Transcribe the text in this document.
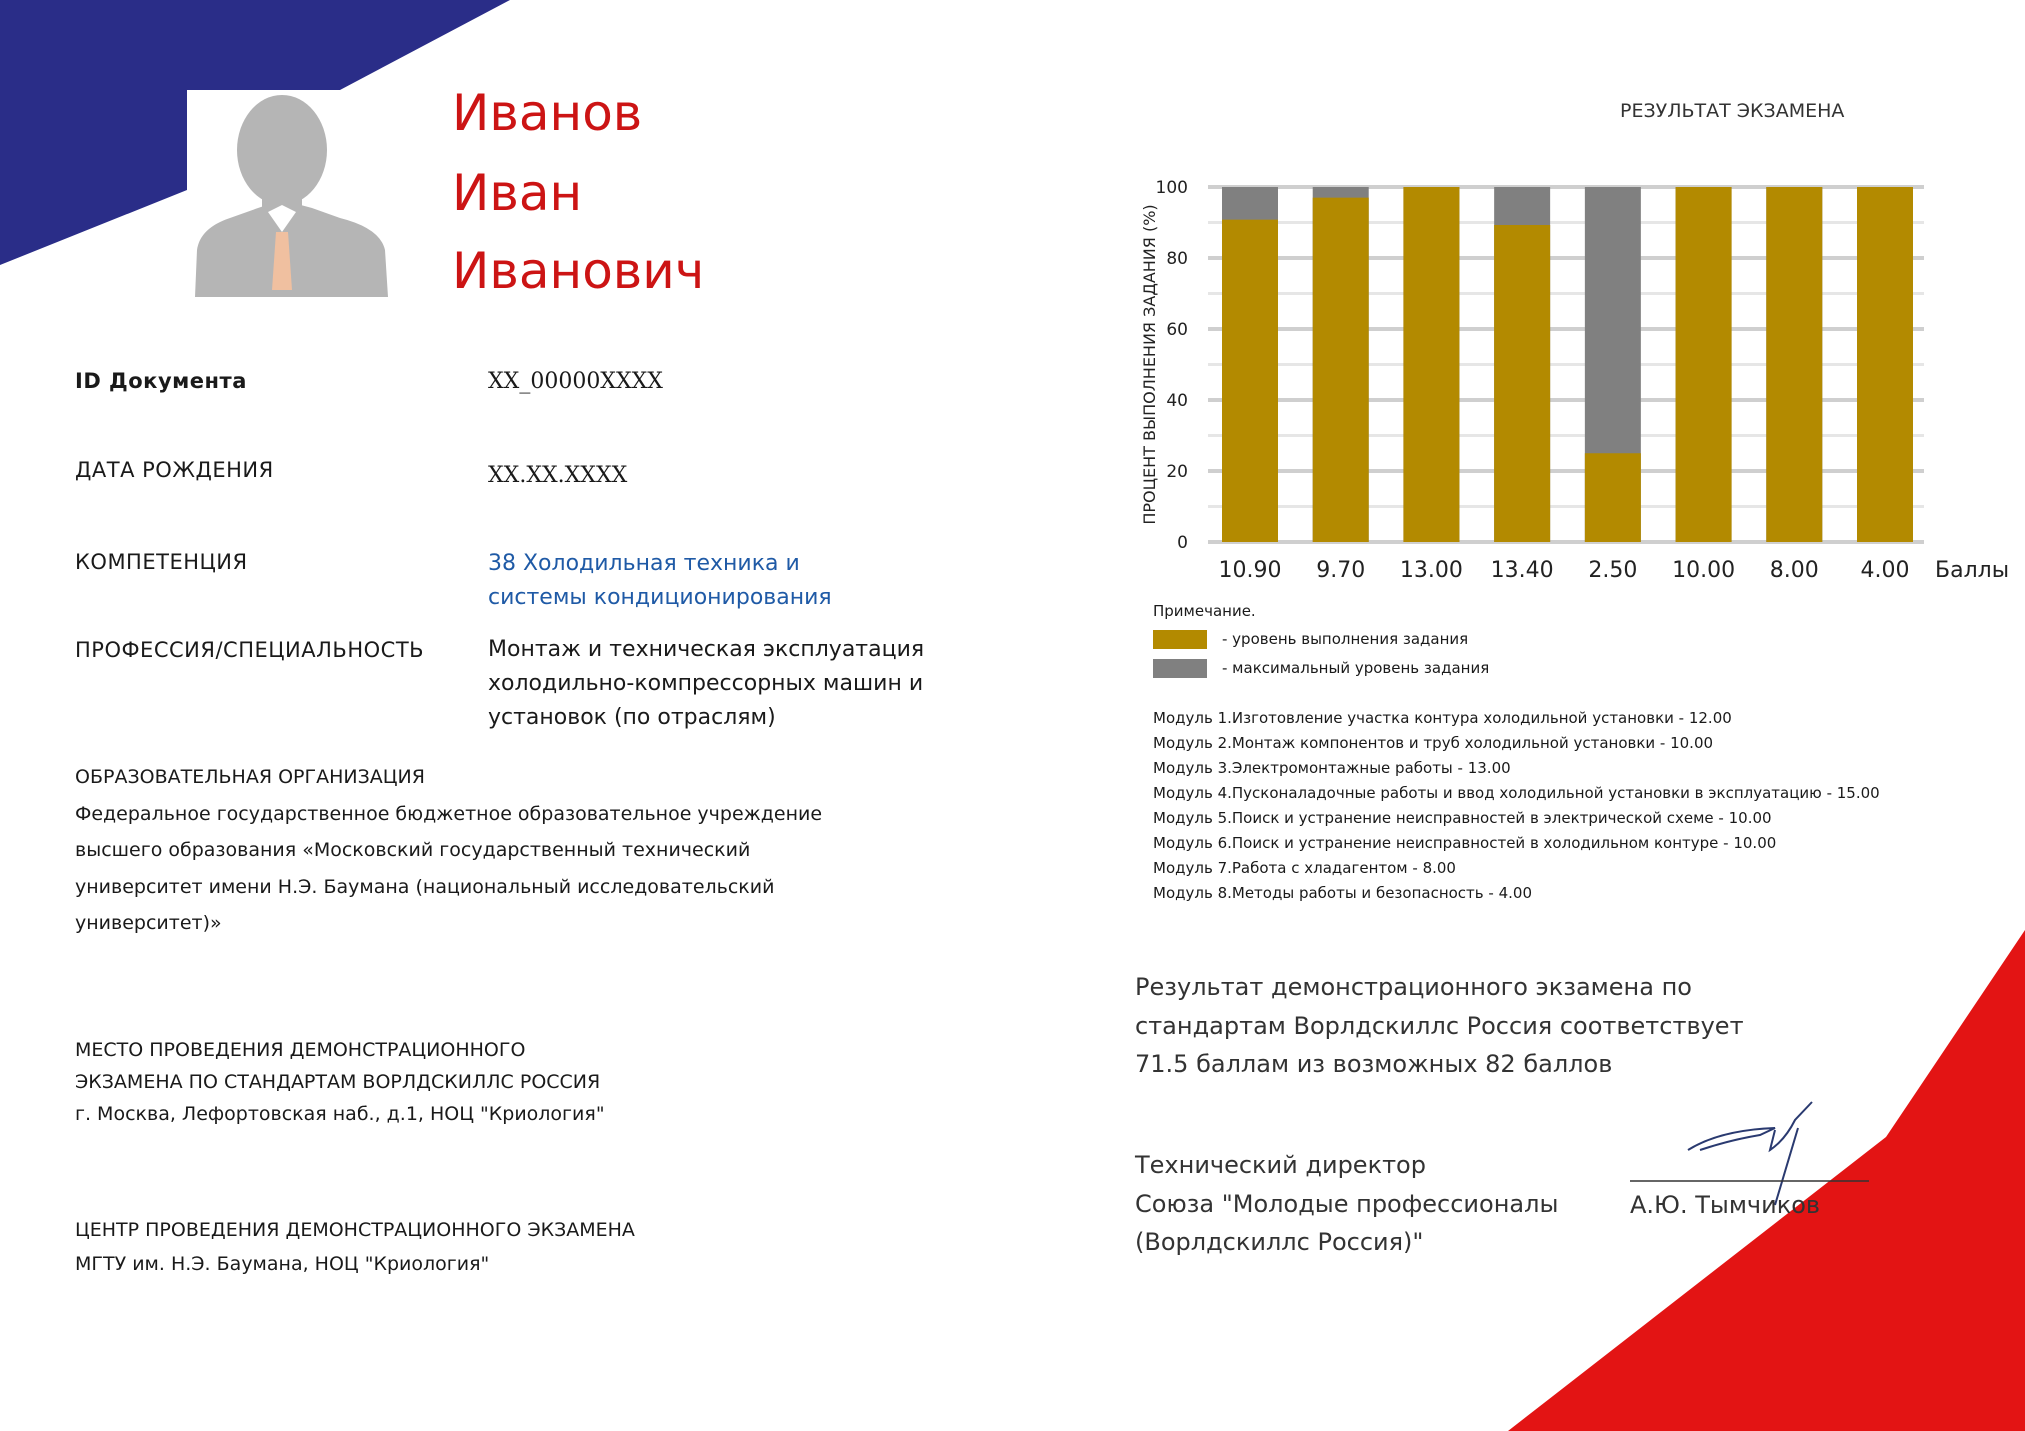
Иванов
Иван
Иванович
ID Документа	XX_00000XXXX
ДАТА РОЖДЕНИЯ	XX.XX.XXXX
КОМПЕТЕНЦИЯ	38 Холодильная техника и
системы кондиционирования
ПРОФЕССИЯ/СПЕЦИАЛЬНОСТЬ	Монтаж и техническая эксплуатация
холодильно-компрессорных машин и
установок (по отраслям)
ОБРАЗОВАТЕЛЬНАЯ ОРГАНИЗАЦИЯ
Федеральное государственное бюджетное образовательное учреждение
высшего образования «Московский государственный технический
университет имени Н.Э. Баумана (национальный исследовательский
университет)»
МЕСТО ПРОВЕДЕНИЯ ДЕМОНСТРАЦИОННОГО
ЭКЗАМЕНА ПО СТАНДАРТАМ ВОРЛДСКИЛЛС РОССИЯ
г. Москва, Лефортовская наб., д.1, НОЦ "Криология"
ЦЕНТР ПРОВЕДЕНИЯ ДЕМОНСТРАЦИОННОГО ЭКЗАМЕНА
МГТУ им. Н.Э. Баумана, НОЦ "Криология"
РЕЗУЛЬТАТ ЭКЗАМЕНА
0
20
40
60
80
100
ПРОЦЕНТ ВЫПОЛНЕНИЯ ЗАДАНИЯ (%)
10.90 9.70 13.00 13.40 2.50 10.00 8.00 4.00 Баллы
Примечание.
- уровень выполнения задания
- максимальный уровень задания
Модуль 1.Изготовление участка контура холодильной установки - 12.00
Модуль 2.Монтаж компонентов и труб холодильной установки - 10.00
Модуль 3.Электромонтажные работы - 13.00
Модуль 4.Пусконаладочные работы и ввод холодильной установки в эксплуатацию - 15.00
Модуль 5.Поиск и устранение неисправностей в электрической схеме - 10.00
Модуль 6.Поиск и устранение неисправностей в холодильном контуре - 10.00
Модуль 7.Работа с хладагентом - 8.00
Модуль 8.Методы работы и безопасность - 4.00
Результат демонстрационного экзамена по
стандартам Ворлдскиллс Россия соответствует
71.5 баллам из возможных 82 баллов
Технический директор
Союза "Молодые профессионалы
(Ворлдскиллс Россия)"
А.Ю. Тымчиков
